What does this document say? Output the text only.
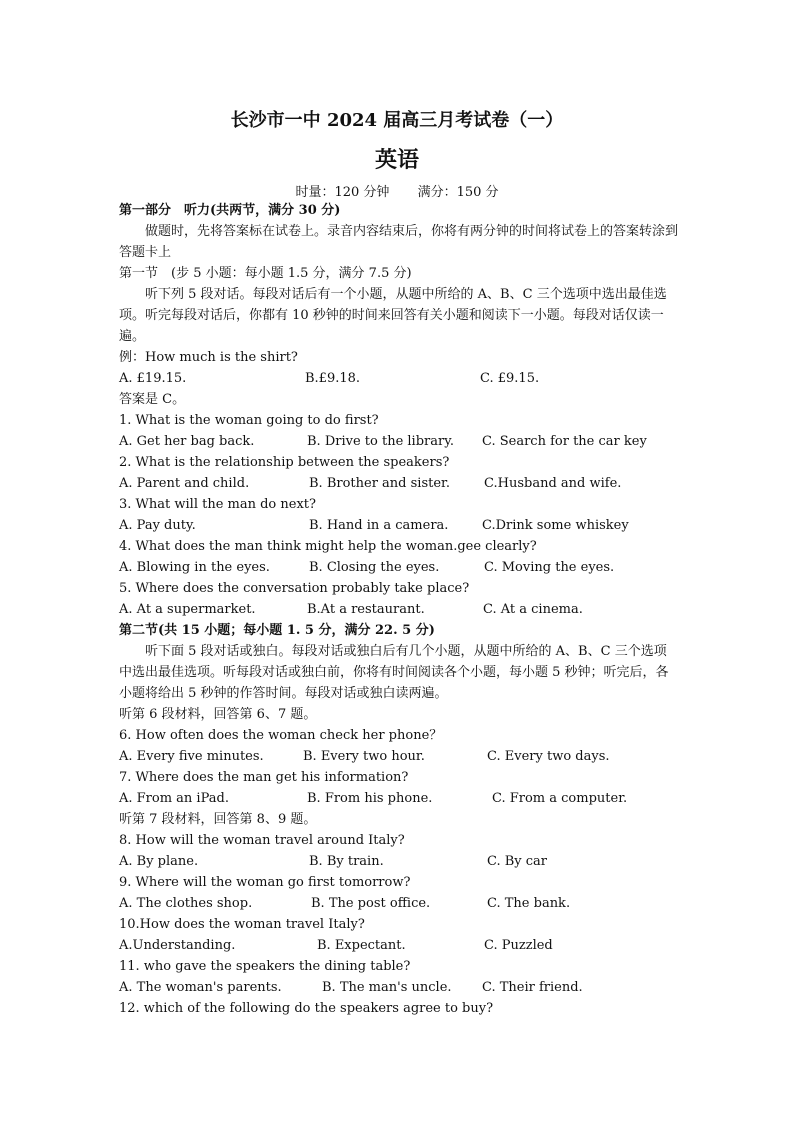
长沙市一中 2024 届高三月考试卷（一）
英语
时量：120 分钟 满分：150 分
第一部分　听力(共两节，满分 30 分)
做题时，先将答案标在试卷上。录音内容结束后，你将有两分钟的时间将试卷上的答案转涂到答题卡上
第一节　(步 5 小题：每小题 1.5 分，满分 7.5 分)
听下列 5 段对话。每段对话后有一个小题，从题中所给的 A、B、C 三个选项中选出最佳选项。听完每段对话后，你都有 10 秒钟的时间来回答有关小题和阅读下一小题。每段对话仅读一遍。
例：How much is the shirt?
A. £19.15.	B.£9.18.	C. £9.15.
答案是 C。
1. What is the woman going to do first?
A. Get her bag back.	B. Drive to the library. C. Search for the car key
2. What is the relationship between the speakers?
A. Parent and child.	B. Brother and sister.	C.Husband and wife.
3. What will the man do next?
A. Pay duty.	B. Hand in a camera.	C.Drink some whiskey
4. What does the man think might help the woman.gee clearly?
A. Blowing in the eyes.	B. Closing the eyes.	C. Moving the eyes.
5. Where does the conversation probably take place?
A. At a supermarket.	B.At a restaurant.	C. At a cinema.
第二节(共 15 小题；每小题 1. 5 分，满分 22. 5 分)
听下面 5 段对话或独白。每段对话或独白后有几个小题，从题中所给的 A、B、C 三个选项中选出最佳选项。听每段对话或独白前，你将有时间阅读各个小题，每小题 5 秒钟；听完后，各小题将给出 5 秒钟的作答时间。每段对话或独白读两遍。
听第 6 段材料，回答第 6、7 题。
6. How often does the woman check her phone？
A. Every five minutes.	B. Every two hour.	C. Every two days.
7. Where does the man get his information?
A. From an iPad.	B. From his phone.	C. From a computer.
听第 7 段材料，回答第 8、9 题。
8. How will the woman travel around Italy?
A. By plane.	B. By train.	C. By car
9. Where will the woman go first tomorrow?
A. The clothes shop.	B. The post office.	C. The bank.
10.How does the woman travel Italy?
A.Understanding.	B. Expectant.	C. Puzzled
11. who gave the speakers the dining table?
A. The woman's parents.	B. The man's uncle. C. Their friend.
12. which of the following do the speakers agree to buy?
